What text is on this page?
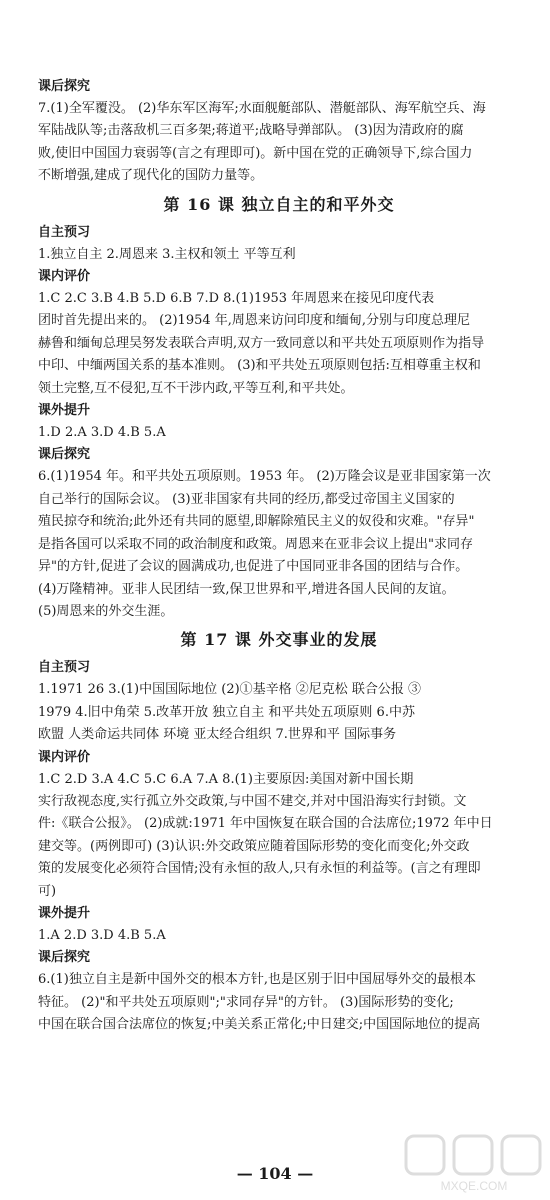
课后探究
7.(1)全军覆没。 (2)华东军区海军;水面舰艇部队、潜艇部队、海军航空兵、海
军陆战队等;击落敌机三百多架;蒋道平;战略导弹部队。 (3)因为清政府的腐
败,使旧中国国力衰弱等(言之有理即可)。新中国在党的正确领导下,综合国力
不断增强,建成了现代化的国防力量等。
第 16 课 独立自主的和平外交
自主预习
1.独立自主 2.周恩来 3.主权和领土 平等互利
课内评价
1.C 2.C 3.B 4.B 5.D 6.B 7.D 8.(1)1953 年周恩来在接见印度代表
团时首先提出来的。 (2)1954 年,周恩来访问印度和缅甸,分别与印度总理尼
赫鲁和缅甸总理吴努发表联合声明,双方一致同意以和平共处五项原则作为指导
中印、中缅两国关系的基本准则。 (3)和平共处五项原则包括:互相尊重主权和
领土完整,互不侵犯,互不干涉内政,平等互利,和平共处。
课外提升
1.D 2.A 3.D 4.B 5.A
课后探究
6.(1)1954 年。和平共处五项原则。1953 年。 (2)万隆会议是亚非国家第一次
自己举行的国际会议。 (3)亚非国家有共同的经历,都受过帝国主义国家的
殖民掠夺和统治;此外还有共同的愿望,即解除殖民主义的奴役和灾难。"存异"
是指各国可以采取不同的政治制度和政策。周恩来在亚非会议上提出"求同存
异"的方针,促进了会议的圆满成功,也促进了中国同亚非各国的团结与合作。
(4)万隆精神。亚非人民团结一致,保卫世界和平,增进各国人民间的友谊。
(5)周恩来的外交生涯。
第 17 课 外交事业的发展
自主预习
1.1971 26 3.(1)中国国际地位 (2)①基辛格 ②尼克松 联合公报 ③
1979 4.旧中角荣 5.改革开放 独立自主 和平共处五项原则 6.中苏
欧盟 人类命运共同体 环境 亚太经合组织 7.世界和平 国际事务
课内评价
1.C 2.D 3.A 4.C 5.C 6.A 7.A 8.(1)主要原因:美国对新中国长期
实行敌视态度,实行孤立外交政策,与中国不建交,并对中国沿海实行封锁。文
件:《联合公报》。 (2)成就:1971 年中国恢复在联合国的合法席位;1972 年中日
建交等。(两例即可) (3)认识:外交政策应随着国际形势的变化而变化;外交政
策的发展变化必须符合国情;没有永恒的敌人,只有永恒的利益等。(言之有理即
可)
课外提升
1.A 2.D 3.D 4.B 5.A
课后探究
6.(1)独立自主是新中国外交的根本方针,也是区别于旧中国屈辱外交的最根本
特征。 (2)"和平共处五项原则";"求同存异"的方针。 (3)国际形势的变化;
中国在联合国合法席位的恢复;中美关系正常化;中日建交;中国国际地位的提高
— 104 —
MXQE.COM
